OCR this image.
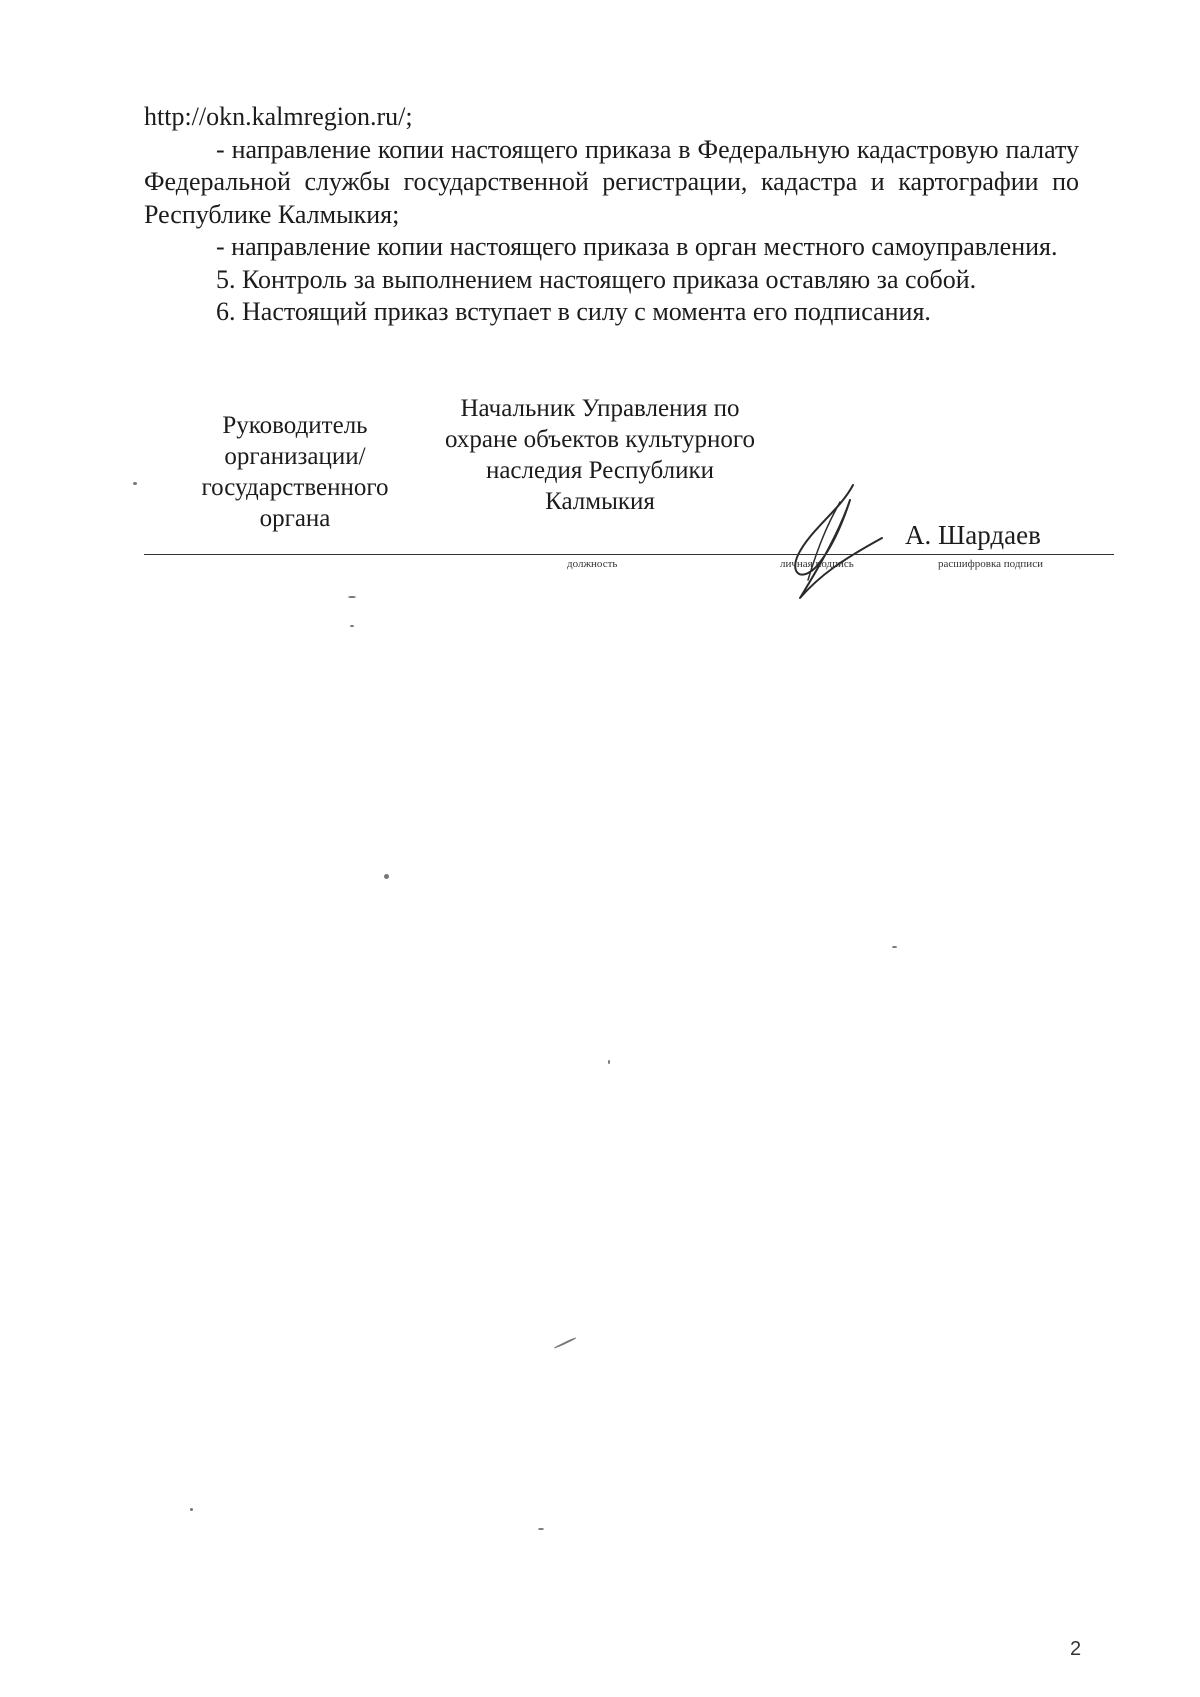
http://okn.kalmregion.ru/;

- направление копии настоящего приказа в Федеральную кадастровую палату Федеральной службы государственной регистрации, кадастра и картографии по Республике Калмыкия;

- направление копии настоящего приказа в орган местного самоуправления.

5. Контроль за выполнением настоящего приказа оставляю за собой.

6. Настоящий приказ вступает в силу с момента его подписания.

Руководитель организации/ государственного органа
Начальник Управления по охране объектов культурного наследия Республики Калмыкия
А. Шардаев
должность	личная подпись	расшифровка подписи
2
